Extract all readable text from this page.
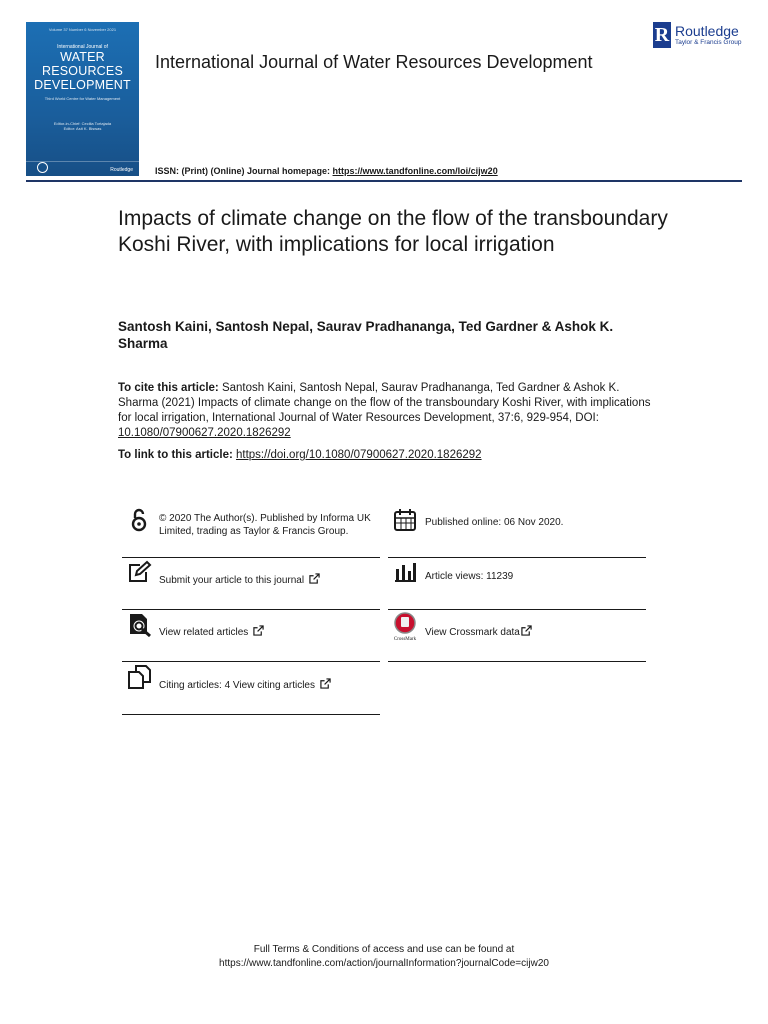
Volume 37 Number 6 November 2021
International Journal of
WATER
RESOURCES
DEVELOPMENT
Third World Centre for Water Management
Editor-in-Chief: Cecilia Tortajada
Editor: Asit K. Biswas
Routledge
International Journal of Water Resources Development
R Routledge
Taylor & Francis Group
ISSN: (Print) (Online) Journal homepage: https://www.tandfonline.com/loi/cijw20
Impacts of climate change on the flow of the transboundary Koshi River, with implications for local irrigation
Santosh Kaini, Santosh Nepal, Saurav Pradhananga, Ted Gardner & Ashok K. Sharma
To cite this article: Santosh Kaini, Santosh Nepal, Saurav Pradhananga, Ted Gardner & Ashok K. Sharma (2021) Impacts of climate change on the flow of the transboundary Koshi River, with implications for local irrigation, International Journal of Water Resources Development, 37:6, 929-954, DOI: 10.1080/07900627.2020.1826292
To link to this article: https://doi.org/10.1080/07900627.2020.1826292
© 2020 The Author(s). Published by Informa UK Limited, trading as Taylor & Francis Group.
Published online: 06 Nov 2020.
Submit your article to this journal	Article views: 11239
View related articles
CrossMark
View Crossmark data
Citing articles: 4 View citing articles
Full Terms & Conditions of access and use can be found at
https://www.tandfonline.com/action/journalInformation?journalCode=cijw20
